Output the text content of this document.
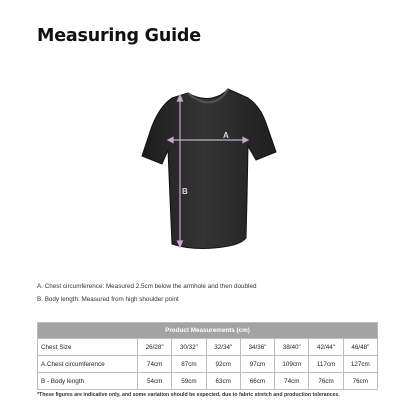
Measuring Guide
A
B
A. Chest circumference: Measured 2.5cm below the armhole and then doubled
B. Body length: Measured from high shoulder point
Product Measurements (cm)							
Chest Size	26/28"	30/32"	32/34"	34/36"	38/40"	42/44"	46/48"
A.Chest circumference	74cm	87cm	92cm	97cm	109cm	117cm	127cm
B - Body length	54cm	59cm	63cm	66cm	74cm	76cm	76cm
*These figures are indicative only, and some variation should be expected, due to fabric stretch and production tolerances.
